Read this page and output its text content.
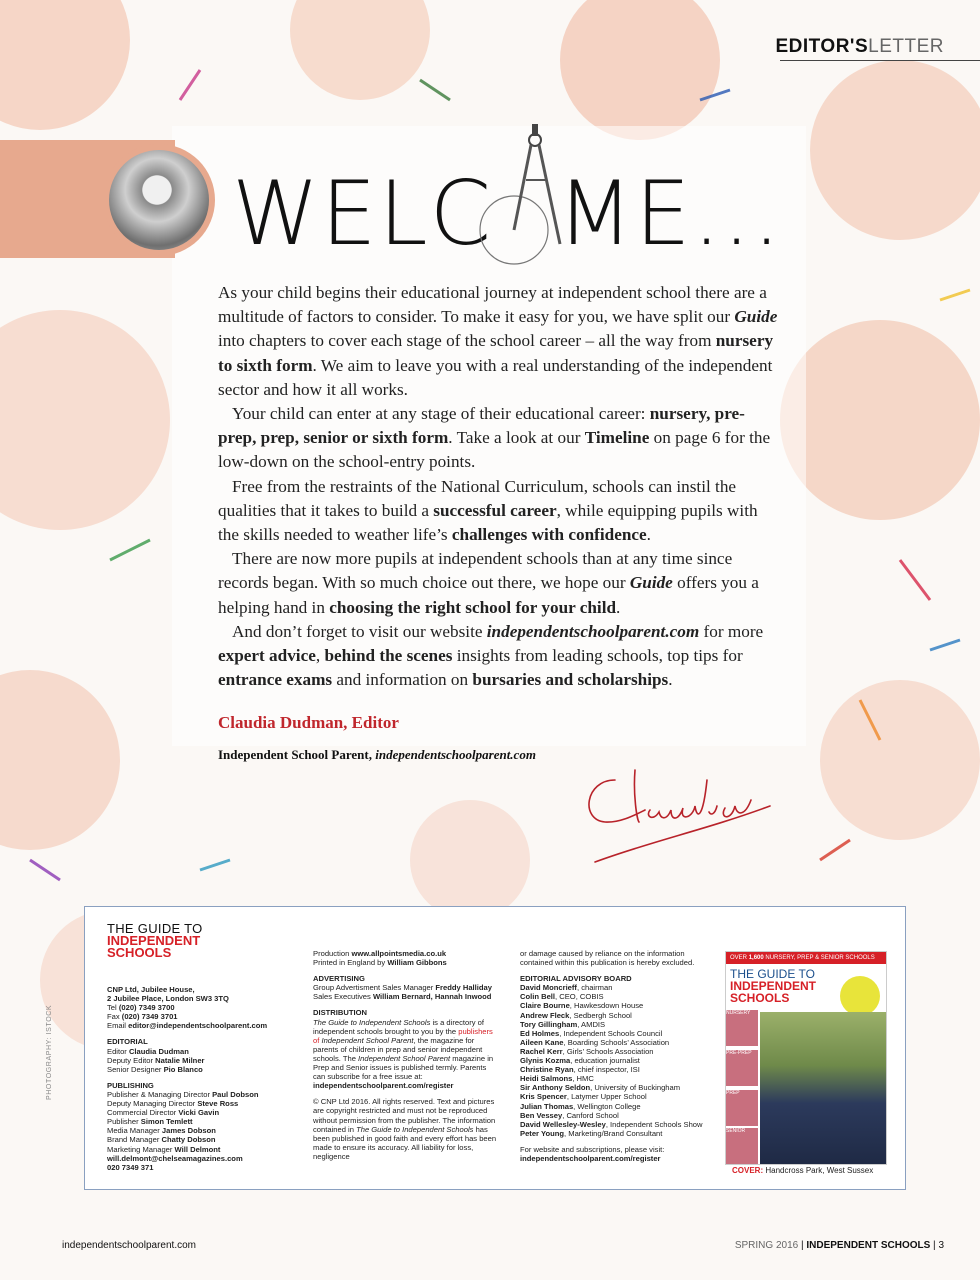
EDITOR'SLETTER
WELC ME...

As your child begins their educational journey at independent school there are a multitude of factors to consider. To make it easy for you, we have split our Guide into chapters to cover each stage of the school career – all the way from nursery to sixth form. We aim to leave you with a real understanding of the independent sector and how it all works.

Your child can enter at any stage of their educational career: nursery, pre-prep, prep, senior or sixth form. Take a look at our Timeline on page 6 for the low-down on the school-entry points.

Free from the restraints of the National Curriculum, schools can instil the qualities that it takes to build a successful career, while equipping pupils with the skills needed to weather life’s challenges with confidence.

There are now more pupils at independent schools than at any time since records began. With so much choice out there, we hope our Guide offers you a helping hand in choosing the right school for your child.

And don’t forget to visit our website independentschoolparent.com for more expert advice, behind the scenes insights from leading schools, top tips for entrance exams and information on bursaries and scholarships.

Claudia Dudman, Editor
Independent School Parent, independentschoolparent.com
THE GUIDE TO
INDEPENDENT
SCHOOLS
CNP Ltd, Jubilee House,
2 Jubilee Place, London SW3 3TQ
Tel (020) 7349 3700
Fax (020) 7349 3701
Email editor@independentschoolparent.com
EDITORIAL
Editor Claudia Dudman
Deputy Editor Natalie Milner
Senior Designer Pio Blanco
PUBLISHING
Publisher & Managing Director Paul Dobson
Deputy Managing Director Steve Ross
Commercial Director Vicki Gavin
Publisher Simon Temlett
Media Manager James Dobson
Brand Manager Chatty Dobson
Marketing Manager Will Delmont
will.delmont@chelseamagazines.com
020 7349 371
Production www.allpointsmedia.co.uk
Printed in England by William Gibbons
ADVERTISING
Group Advertisment Sales Manager Freddy Halliday
Sales Executives William Bernard, Hannah Inwood
DISTRIBUTION
The Guide to Independent Schools is a directory of independent schools brought to you by the publishers of Independent School Parent, the magazine for parents of children in prep and senior independent schools. The Independent School Parent magazine in Prep and Senior issues is published termly. Parents can subscribe for a free issue at:
independentschoolparent.com/register
© CNP Ltd 2016. All rights reserved. Text and pictures are copyright restricted and must not be reproduced without permission from the publisher. The information contained in The Guide to Independent Schools has been published in good faith and every effort has been made to ensure its accuracy. All liability for loss, negligence
or damage caused by reliance on the information contained within this publication is hereby excluded.
EDITORIAL ADVISORY BOARD
David Moncrieff, chairman
Colin Bell, CEO, COBIS
Claire Bourne, Hawkesdown House
Andrew Fleck, Sedbergh School
Tory Gillingham, AMDIS
Ed Holmes, Independent Schools Council
Aileen Kane, Boarding Schools’ Association
Rachel Kerr, Girls’ Schools Association
Glynis Kozma, education journalist
Christine Ryan, chief inspector, ISI
Heidi Salmons, HMC
Sir Anthony Seldon, University of Buckingham
Kris Spencer, Latymer Upper School
Julian Thomas, Wellington College
Ben Vessey, Canford School
David Wellesley-Wesley, Independent Schools Show
Peter Young, Marketing/Brand Consultant
For website and subscriptions, please visit:
independentschoolparent.com/register
OVER 1,600 NURSERY, PREP & SENIOR SCHOOLS
THE GUIDE TO
INDEPENDENT
SCHOOLS
NURSERY
PRE-PREP
PREP
SENIOR
COVER: Handcross Park, West Sussex
PHOTOGRAPHY: ISTOCK
independentschoolparent.com	SPRING 2016 | INDEPENDENT SCHOOLS | 3
